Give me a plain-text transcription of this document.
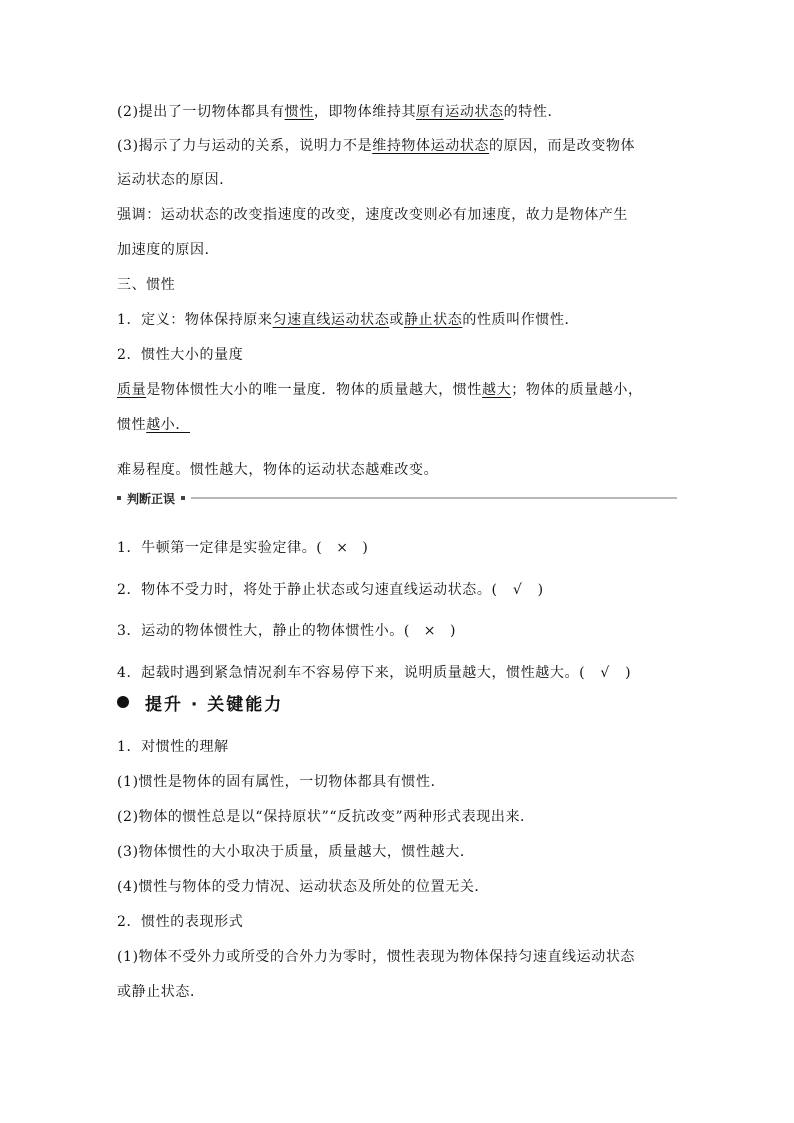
(2)提出了一切物体都具有惯性，即物体维持其原有运动状态的特性．
(3)揭示了力与运动的关系，说明力不是维持物体运动状态的原因，而是改变物体
运动状态的原因．
强调：运动状态的改变指速度的改变，速度改变则必有加速度，故力是物体产生
加速度的原因．
三、惯性
1．定义：物体保持原来匀速直线运动状态或静止状态的性质叫作惯性．
2．惯性大小的量度
质量是物体惯性大小的唯一量度．物体的质量越大，惯性越大；物体的质量越小，
惯性越小．
难易程度。惯性越大，物体的运动状态越难改变。
判断正误
1．牛顿第一定律是实验定律。( × )
2．物体不受力时，将处于静止状态或匀速直线运动状态。( √ )
3．运动的物体惯性大，静止的物体惯性小。( × )
4．起载时遇到紧急情况刹车不容易停下来，说明质量越大，惯性越大。( √ )
提升 · 关键能力
1．对惯性的理解
(1)惯性是物体的固有属性，一切物体都具有惯性．
(2)物体的惯性总是以“保持原状”“反抗改变”两种形式表现出来．
(3)物体惯性的大小取决于质量，质量越大，惯性越大．
(4)惯性与物体的受力情况、运动状态及所处的位置无关．
2．惯性的表现形式
(1)物体不受外力或所受的合外力为零时，惯性表现为物体保持匀速直线运动状态
或静止状态．
